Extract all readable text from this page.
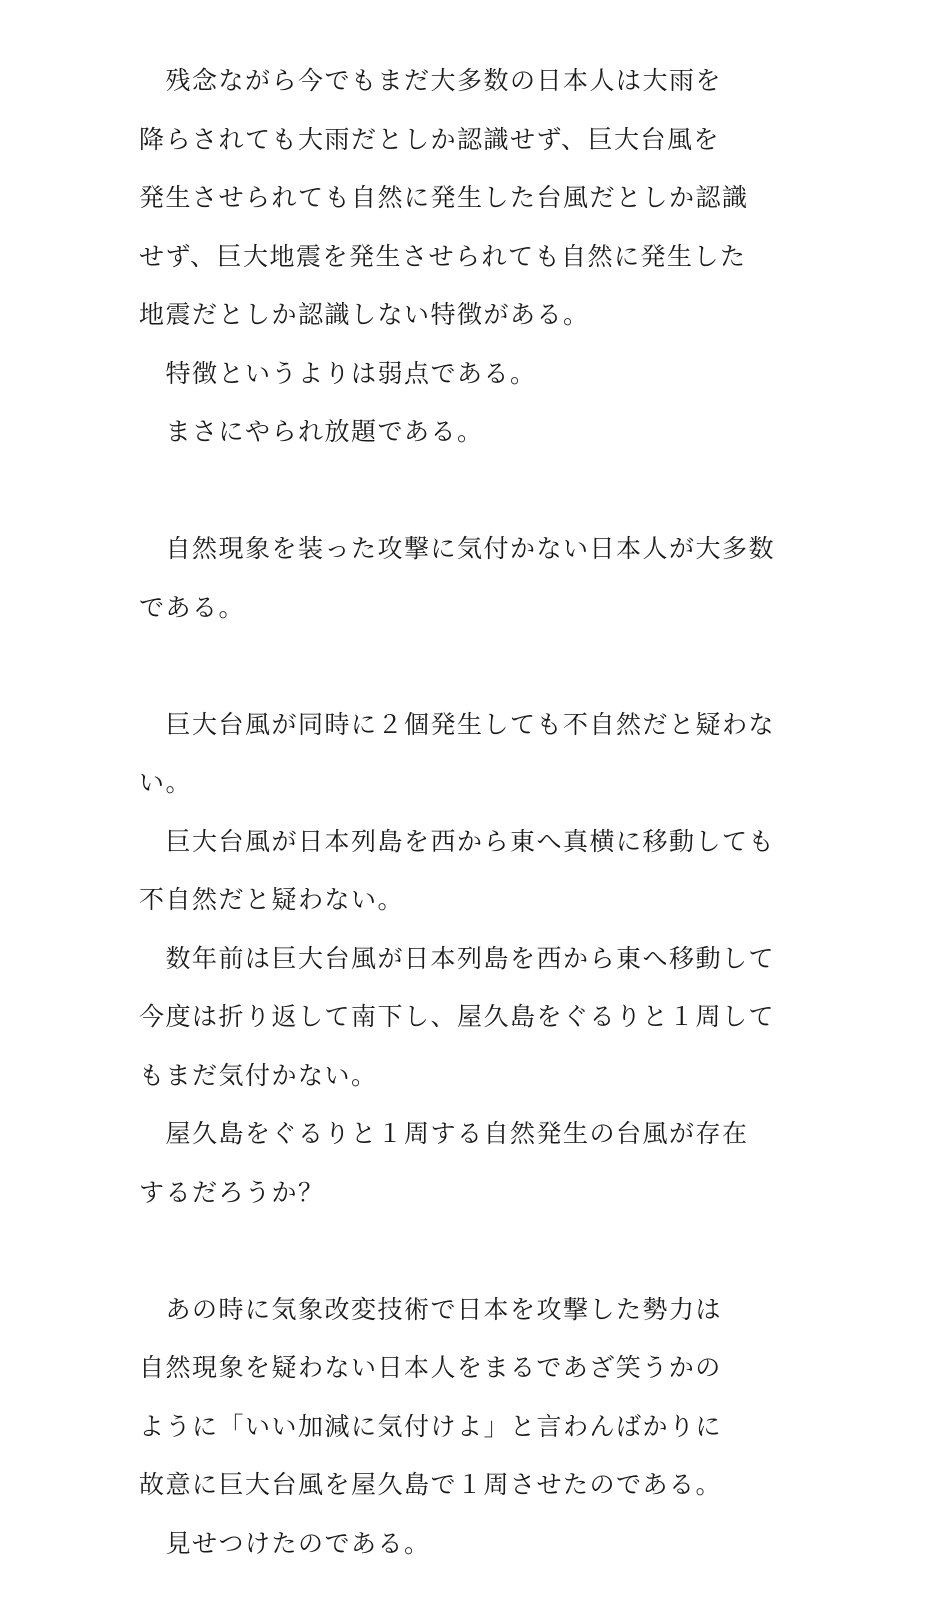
　残念ながら今でもまだ大多数の日本人は大雨を
降らされても大雨だとしか認識せず、巨大台風を
発生させられても自然に発生した台風だとしか認識
せず、巨大地震を発生させられても自然に発生した
地震だとしか認識しない特徴がある。
　特徴というよりは弱点である。
　まさにやられ放題である。
　自然現象を装った攻撃に気付かない日本人が大多数
である。
　巨大台風が同時に２個発生しても不自然だと疑わな
い。
　巨大台風が日本列島を西から東へ真横に移動しても
不自然だと疑わない。
　数年前は巨大台風が日本列島を西から東へ移動して
今度は折り返して南下し、屋久島をぐるりと１周して
もまだ気付かない。
　屋久島をぐるりと１周する自然発生の台風が存在
するだろうか？
　あの時に気象改変技術で日本を攻撃した勢力は
自然現象を疑わない日本人をまるであざ笑うかの
ように「いい加減に気付けよ」と言わんばかりに
故意に巨大台風を屋久島で１周させたのである。
　見せつけたのである。
